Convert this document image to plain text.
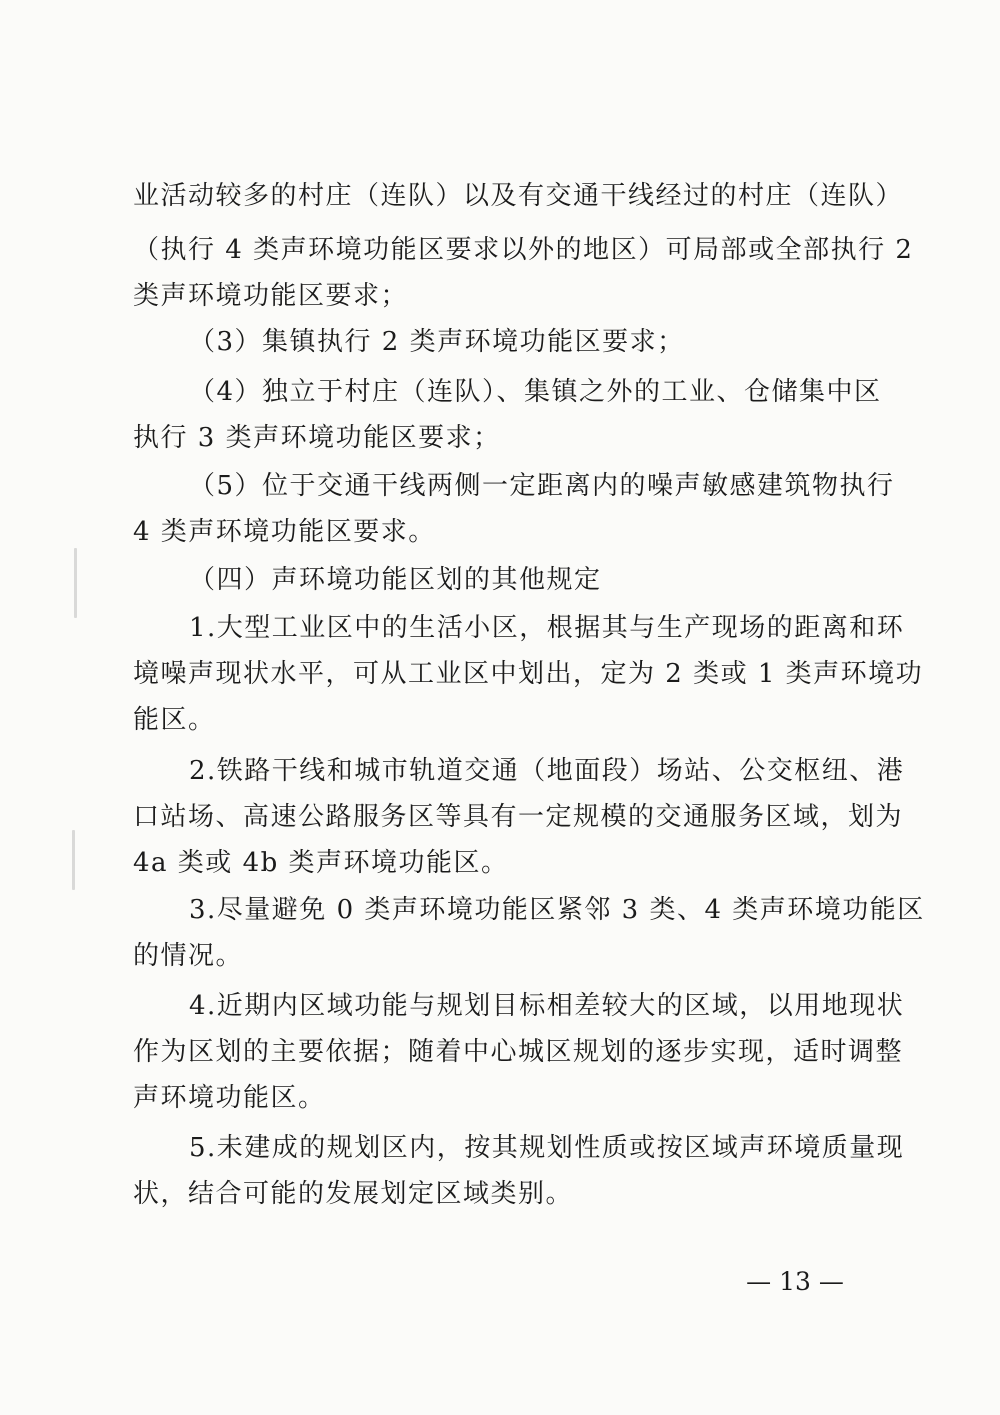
业活动较多的村庄（连队）以及有交通干线经过的村庄（连队）
（执行 4 类声环境功能区要求以外的地区）可局部或全部执行 2
类声环境功能区要求；
（3）集镇执行 2 类声环境功能区要求；
（4）独立于村庄（连队）、集镇之外的工业、仓储集中区
执行 3 类声环境功能区要求；
（5）位于交通干线两侧一定距离内的噪声敏感建筑物执行
4 类声环境功能区要求。
（四）声环境功能区划的其他规定
1.大型工业区中的生活小区，根据其与生产现场的距离和环
境噪声现状水平，可从工业区中划出，定为 2 类或 1 类声环境功
能区。
2.铁路干线和城市轨道交通（地面段）场站、公交枢纽、港
口站场、高速公路服务区等具有一定规模的交通服务区域，划为
4a 类或 4b 类声环境功能区。
3.尽量避免 0 类声环境功能区紧邻 3 类、4 类声环境功能区
的情况。
4.近期内区域功能与规划目标相差较大的区域，以用地现状
作为区划的主要依据；随着中心城区规划的逐步实现，适时调整
声环境功能区。
5.未建成的规划区内，按其规划性质或按区域声环境质量现
状，结合可能的发展划定区域类别。
— 13 —
